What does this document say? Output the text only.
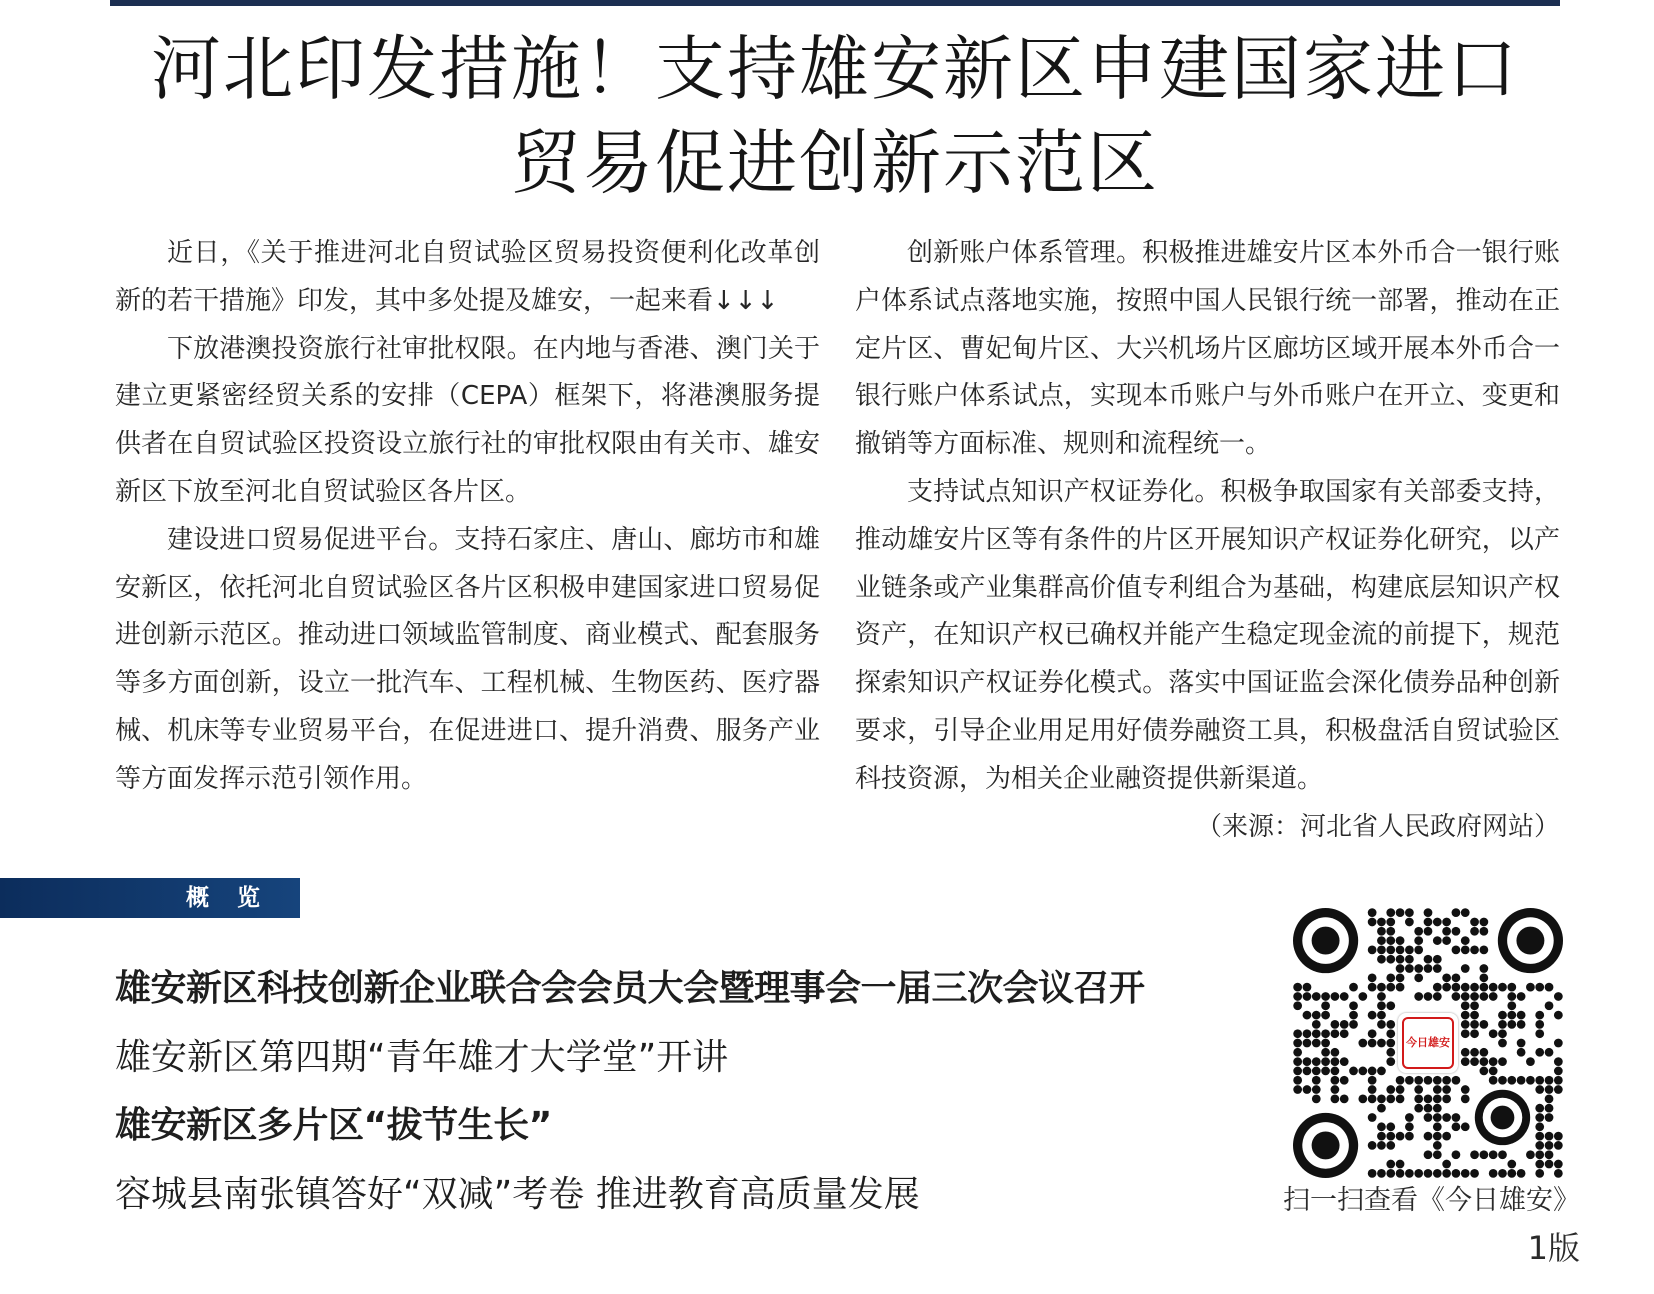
河北印发措施！支持雄安新区申建国家进口
贸易促进创新示范区

近日，《关于推进河北自贸试验区贸易投资便利化改革创新的若干措施》印发，其中多处提及雄安，一起来看↓↓↓

下放港澳投资旅行社审批权限。在内地与香港、澳门关于建立更紧密经贸关系的安排（CEPA）框架下，将港澳服务提供者在自贸试验区投资设立旅行社的审批权限由有关市、雄安新区下放至河北自贸试验区各片区。

建设进口贸易促进平台。支持石家庄、唐山、廊坊市和雄安新区，依托河北自贸试验区各片区积极申建国家进口贸易促进创新示范区。推动进口领域监管制度、商业模式、配套服务等多方面创新，设立一批汽车、工程机械、生物医药、医疗器械、机床等专业贸易平台，在促进进口、提升消费、服务产业等方面发挥示范引领作用。

创新账户体系管理。积极推进雄安片区本外币合一银行账户体系试点落地实施，按照中国人民银行统一部署，推动在正定片区、曹妃甸片区、大兴机场片区廊坊区域开展本外币合一银行账户体系试点，实现本币账户与外币账户在开立、变更和撤销等方面标准、规则和流程统一。

支持试点知识产权证券化。积极争取国家有关部委支持，推动雄安片区等有条件的片区开展知识产权证券化研究，以产业链条或产业集群高价值专利组合为基础，构建底层知识产权资产，在知识产权已确权并能产生稳定现金流的前提下，规范探索知识产权证券化模式。落实中国证监会深化债券品种创新要求，引导企业用足用好债券融资工具，积极盘活自贸试验区科技资源，为相关企业融资提供新渠道。
（来源：河北省人民政府网站）

概 览
雄安新区科技创新企业联合会会员大会暨理事会一届三次会议召开
雄安新区第四期“青年雄才大学堂”开讲
雄安新区多片区“拔节生长”
容城县南张镇答好“双减”考卷 推进教育高质量发展
今日雄安
扫一扫查看《今日雄安》
1版
